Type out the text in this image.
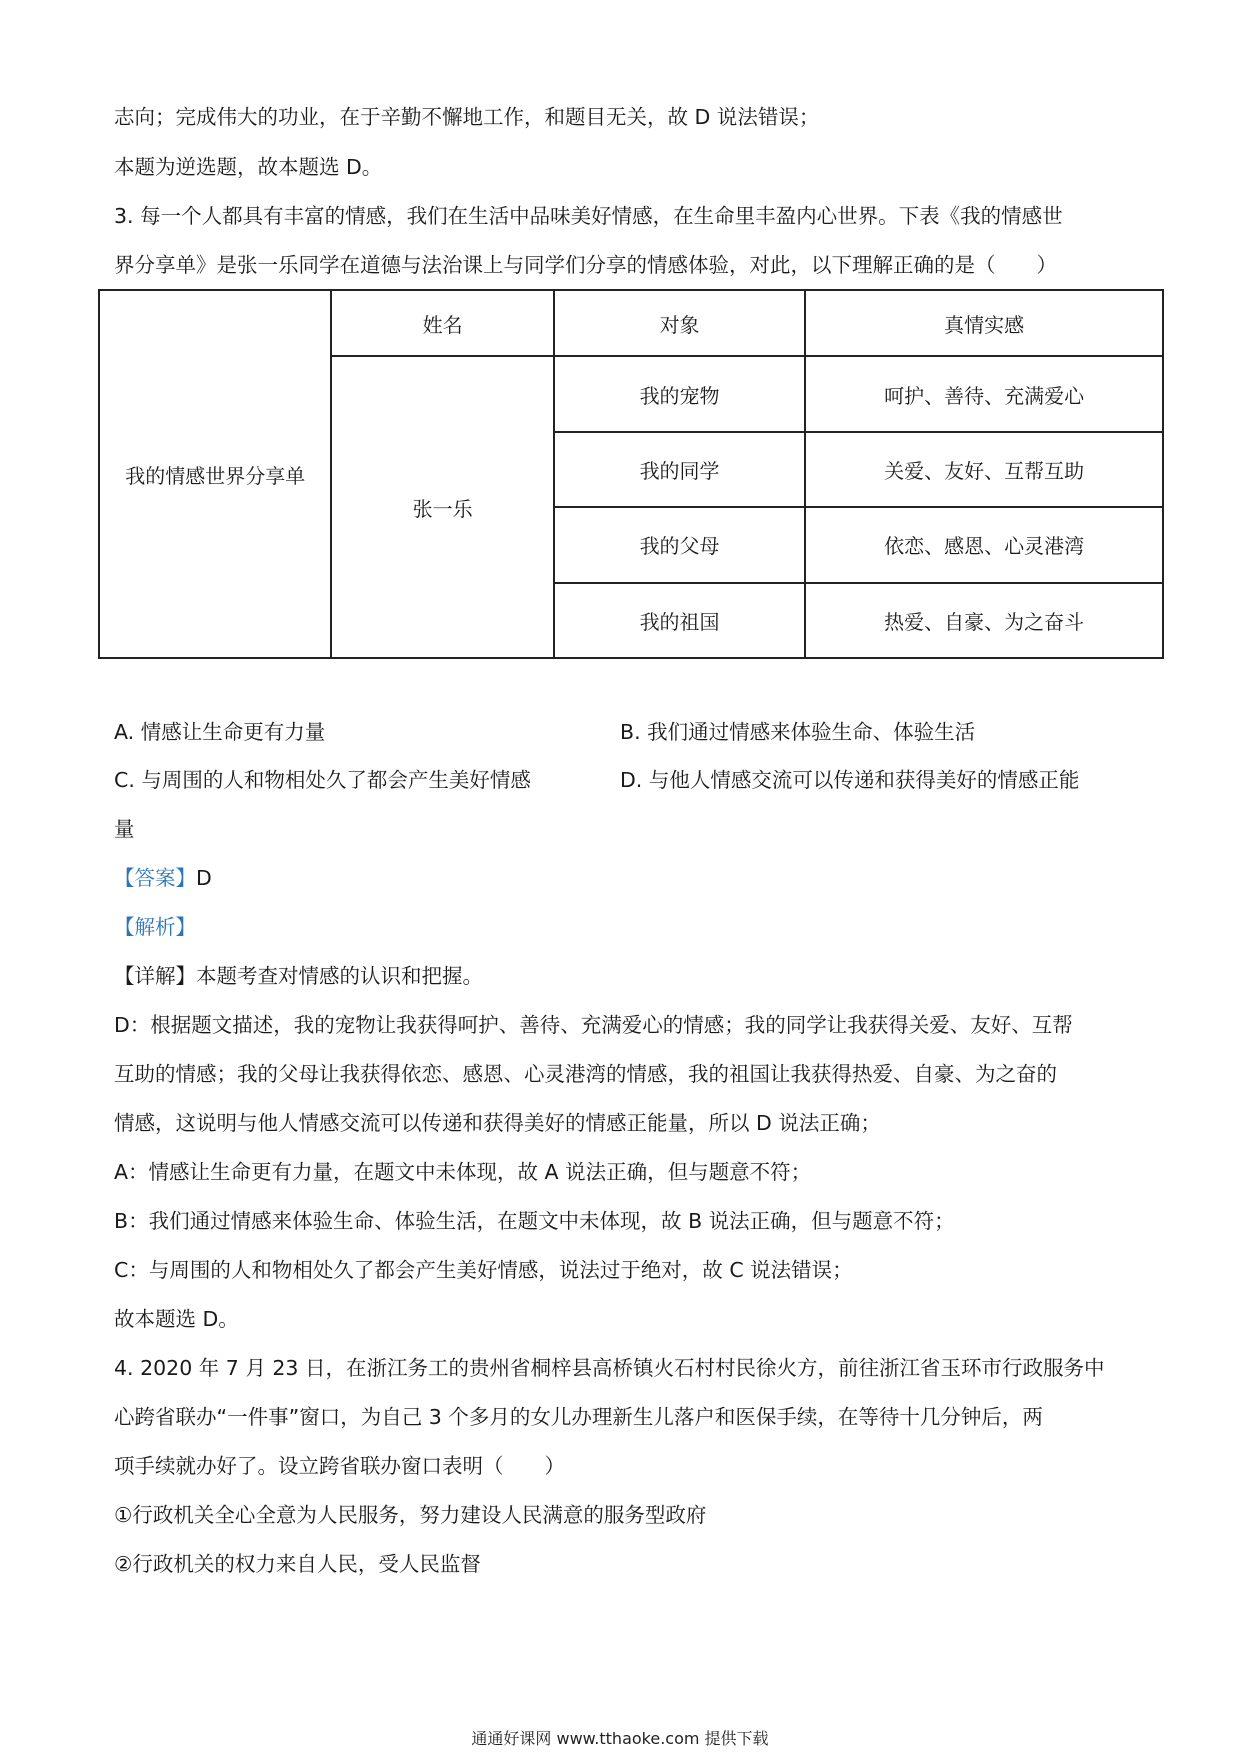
志向；完成伟大的功业，在于辛勤不懈地工作，和题目无关，故 D 说法错误；
本题为逆选题，故本题选 D。
3. 每一个人都具有丰富的情感，我们在生活中品味美好情感，在生命里丰盈内心世界。下表《我的情感世
界分享单》是张一乐同学在道德与法治课上与同学们分享的情感体验，对此，以下理解正确的是（　　）
我的情感世界分享单	姓名	对象	真情实感
	张一乐	我的宠物	呵护、善待、充满爱心
		我的同学	关爱、友好、互帮互助
		我的父母	依恋、感恩、心灵港湾
		我的祖国	热爱、自豪、为之奋斗
A. 情感让生命更有力量	B. 我们通过情感来体验生命、体验生活
C. 与周围的人和物相处久了都会产生美好情感	D. 与他人情感交流可以传递和获得美好的情感正能
量
【答案】D
【解析】
【详解】本题考查对情感的认识和把握。
D：根据题文描述，我的宠物让我获得呵护、善待、充满爱心的情感；我的同学让我获得关爱、友好、互帮
互助的情感；我的父母让我获得依恋、感恩、心灵港湾的情感，我的祖国让我获得热爱、自豪、为之奋的
情感，这说明与他人情感交流可以传递和获得美好的情感正能量，所以 D 说法正确；
A：情感让生命更有力量，在题文中未体现，故 A 说法正确，但与题意不符；
B：我们通过情感来体验生命、体验生活，在题文中未体现，故 B 说法正确，但与题意不符；
C：与周围的人和物相处久了都会产生美好情感，说法过于绝对，故 C 说法错误；
故本题选 D。
4. 2020 年 7 月 23 日，在浙江务工的贵州省桐梓县高桥镇火石村村民徐火方，前往浙江省玉环市行政服务中
心跨省联办“一件事”窗口，为自己 3 个多月的女儿办理新生儿落户和医保手续，在等待十几分钟后，两
项手续就办好了。设立跨省联办窗口表明（　　）
①行政机关全心全意为人民服务，努力建设人民满意的服务型政府
②行政机关的权力来自人民，受人民监督
通通好课网 www.tthaoke.com 提供下载
